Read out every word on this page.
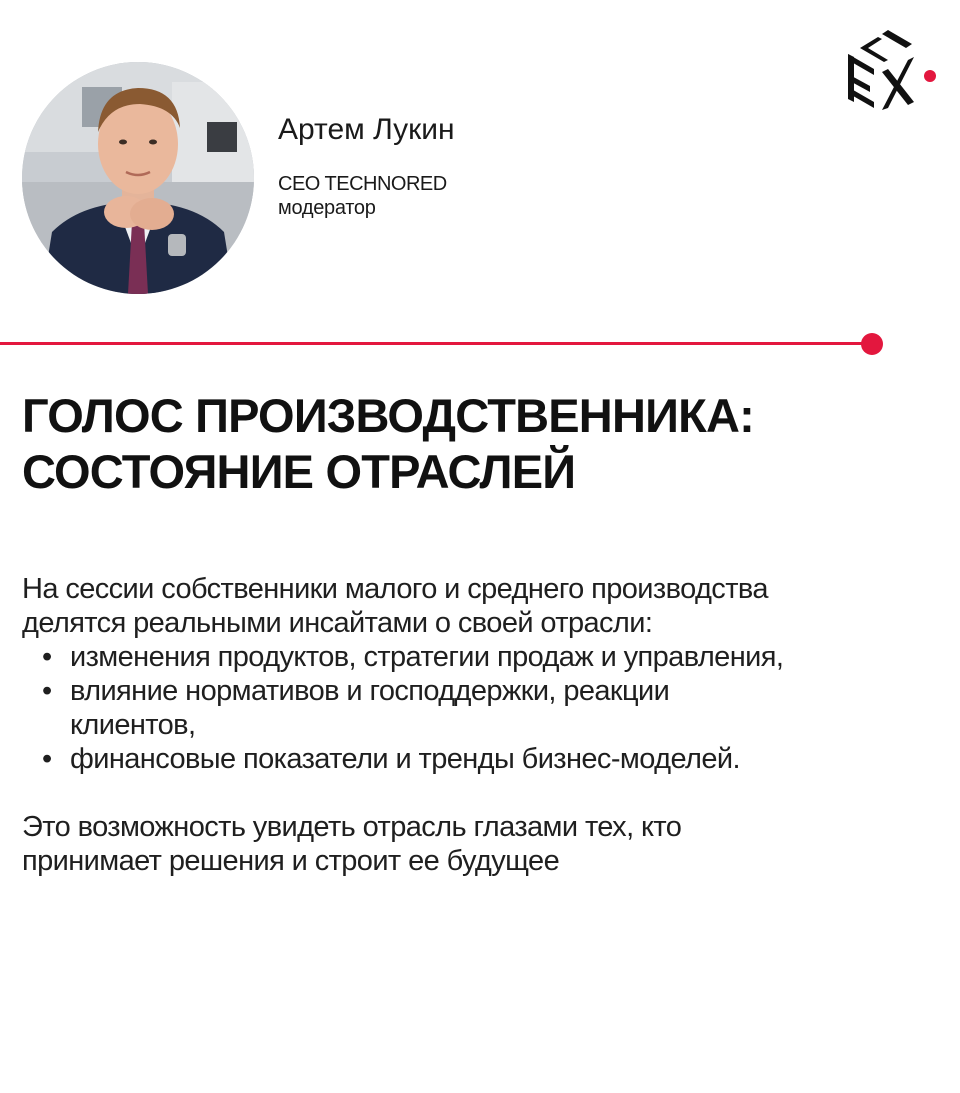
Артем Лукин
CEO TECHNORED
модератор
ГОЛОС ПРОИЗВОДСТВЕННИКА:
СОСТОЯНИЕ ОТРАСЛЕЙ
На сессии собственники малого и среднего производства
делятся реальными инсайтами о своей отрасли:
• изменения продуктов, стратегии продаж и управления,
• влияние нормативов и господдержки, реакции
клиентов,
• финансовые показатели и тренды бизнес-моделей.
Это возможность увидеть отрасль глазами тех, кто
принимает решения и строит ее будущее
